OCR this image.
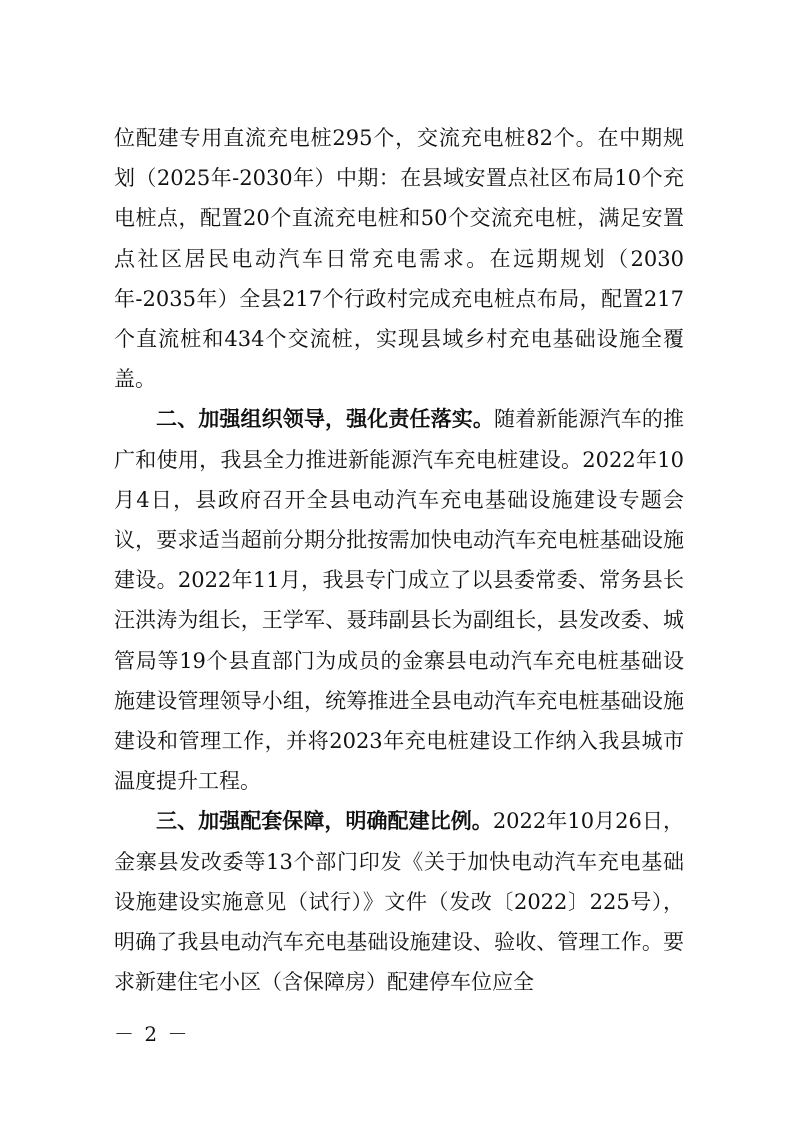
位配建专用直流充电桩295个，交流充电桩82个。在中期规划（2025年-2030年）中期：在县域安置点社区布局10个充电桩点，配置20个直流充电桩和50个交流充电桩，满足安置点社区居民电动汽车日常充电需求。在远期规划（2030年-2035年）全县217个行政村完成充电桩点布局，配置217个直流桩和434个交流桩，实现县域乡村充电基础设施全覆盖。

二、加强组织领导，强化责任落实。随着新能源汽车的推广和使用，我县全力推进新能源汽车充电桩建设。2022年10月4日，县政府召开全县电动汽车充电基础设施建设专题会议，要求适当超前分期分批按需加快电动汽车充电桩基础设施建设。2022年11月，我县专门成立了以县委常委、常务县长汪洪涛为组长，王学军、聂玮副县长为副组长，县发改委、城管局等19个县直部门为成员的金寨县电动汽车充电桩基础设施建设管理领导小组，统筹推进全县电动汽车充电桩基础设施建设和管理工作，并将2023年充电桩建设工作纳入我县城市温度提升工程。

三、加强配套保障，明确配建比例。2022年10月26日，金寨县发改委等13个部门印发《关于加快电动汽车充电基础设施建设实施意见（试行）》文件（发改〔2022〕225号），明确了我县电动汽车充电基础设施建设、验收、管理工作。要求新建住宅小区（含保障房）配建停车位应全

－ 2 －
